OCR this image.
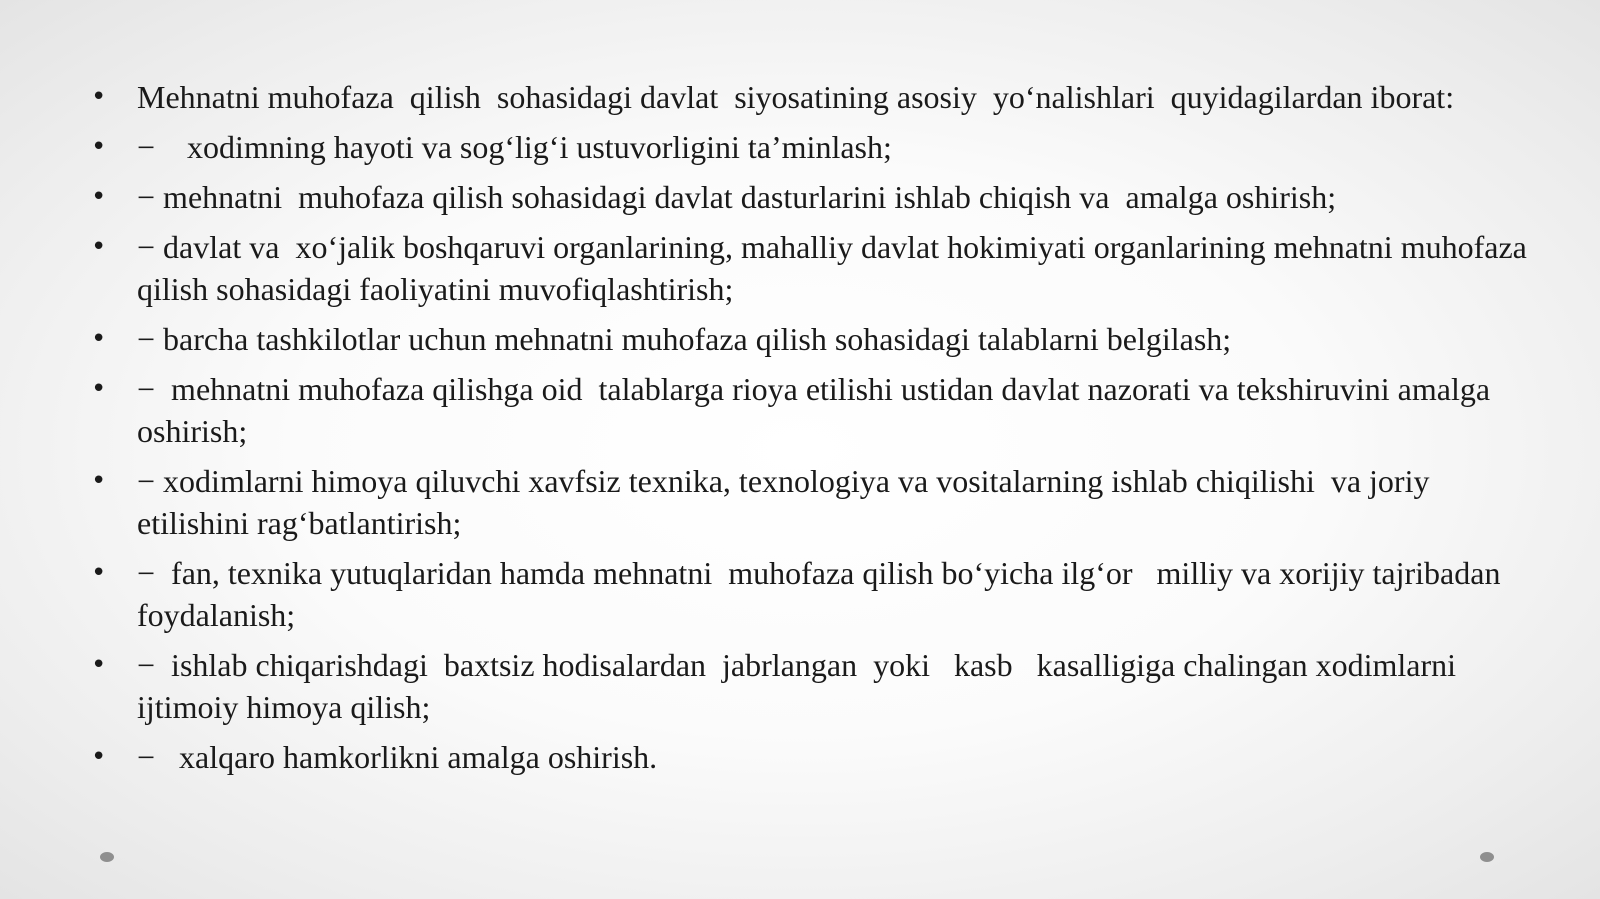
• Mehnatni muhofaza  qilish  sohasidagi davlat  siyosatining asosiy  yo‘nalishlari  quyidagilardan iborat:
• −    xodimning hayoti va sog‘lig‘i ustuvorligini ta’minlash;
• − mehnatni  muhofaza qilish sohasidagi davlat dasturlarini ishlab chiqish va  amalga oshirish;
• − davlat va  xo‘jalik boshqaruvi organlarining, mahalliy davlat hokimiyati organlarining mehnatni muhofaza qilish sohasidagi faoliyatini muvofiqlashtirish;
• − barcha tashkilotlar uchun mehnatni muhofaza qilish sohasidagi talablarni belgilash;
• −  mehnatni muhofaza qilishga oid  talablarga rioya etilishi ustidan davlat nazorati va tekshiruvini amalga oshirish;
• − xodimlarni himoya qiluvchi xavfsiz texnika, texnologiya va vositalarning ishlab chiqilishi  va joriy  etilishini rag‘batlantirish;
• −  fan, texnika yutuqlaridan hamda mehnatni  muhofaza qilish bo‘yicha ilg‘or   milliy va xorijiy tajribadan foydalanish;
• −  ishlab chiqarishdagi  baxtsiz hodisalardan  jabrlangan  yoki   kasb   kasalligiga chalingan xodimlarni ijtimoiy himoya qilish;
• −   xalqaro hamkorlikni amalga oshirish.
